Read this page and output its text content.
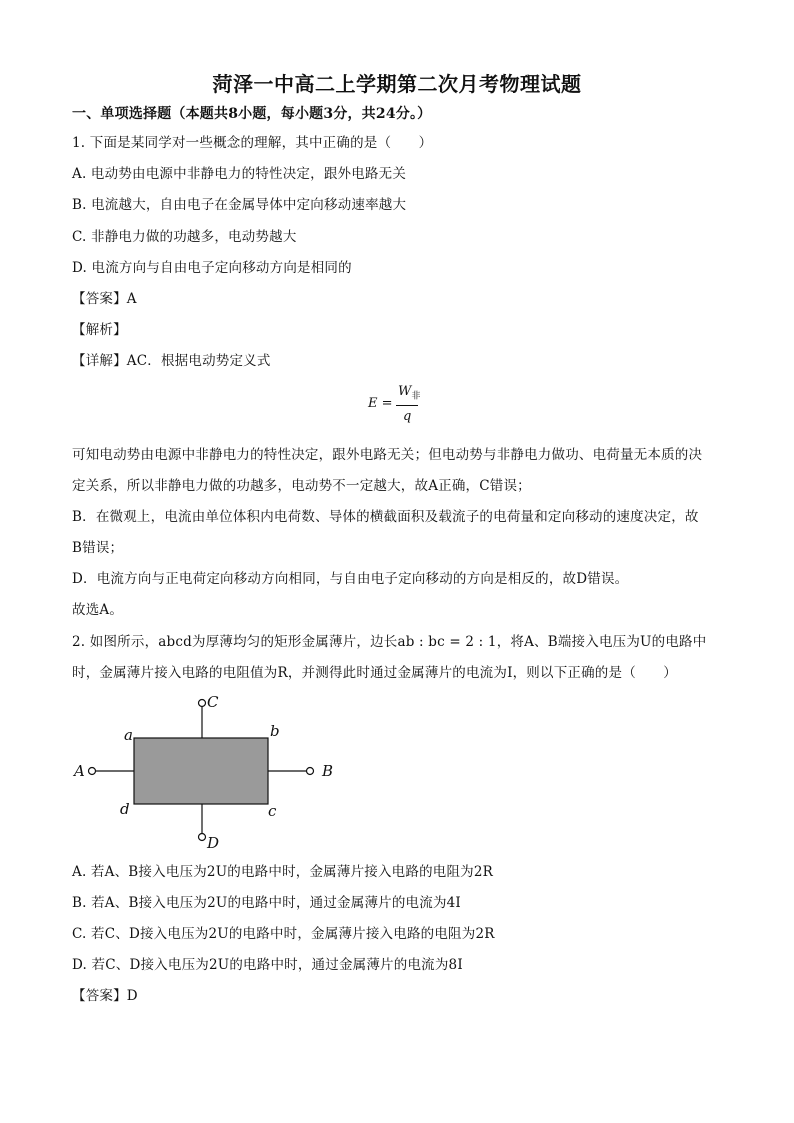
菏泽一中高二上学期第二次月考物理试题
一、单项选择题（本题共8小题，每小题3分，共24分。）
1. 下面是某同学对一些概念的理解，其中正确的是（　　）
A. 电动势由电源中非静电力的特性决定，跟外电路无关
B. 电流越大，自由电子在金属导体中定向移动速率越大
C. 非静电力做的功越多，电动势越大
D. 电流方向与自由电子定向移动方向是相同的
【答案】A
【解析】
【详解】AC．根据电动势定义式
E =
$W_非$
q
可知电动势由电源中非静电力的特性决定，跟外电路无关；但电动势与非静电力做功、电荷量无本质的决
定关系，所以非静电力做的功越多，电动势不一定越大，故A正确，C错误；
B．在微观上，电流由单位体积内电荷数、导体的横截面积及载流子的电荷量和定向移动的速度决定，故
B错误；
D．电流方向与正电荷定向移动方向相同，与自由电子定向移动的方向是相反的，故D错误。
故选A。
2. 如图所示，abcd为厚薄均匀的矩形金属薄片，边长ab : bc = 2 : 1，将A、B端接入电压为U的电路中
时，金属薄片接入电路的电阻值为R，并测得此时通过金属薄片的电流为I，则以下正确的是（　　）
C
D
A	B
a	b
c
d
A. 若A、B接入电压为2U的电路中时，金属薄片接入电路的电阻为2R
B. 若A、B接入电压为2U的电路中时，通过金属薄片的电流为4I
C. 若C、D接入电压为2U的电路中时，金属薄片接入电路的电阻为2R
D. 若C、D接入电压为2U的电路中时，通过金属薄片的电流为8I
【答案】D
